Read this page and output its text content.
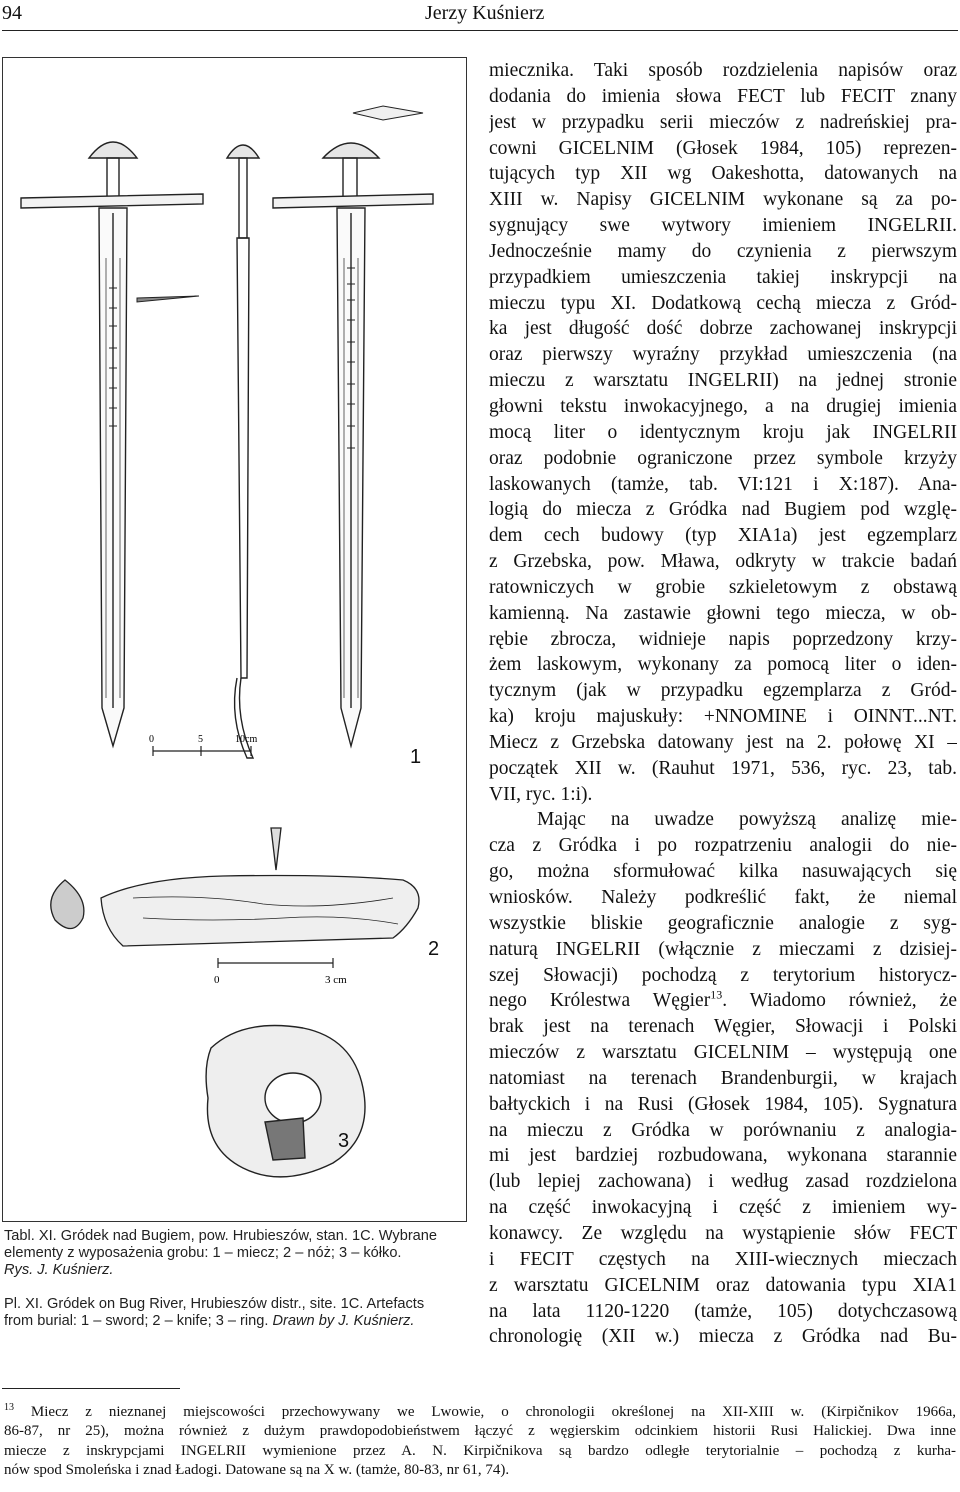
94	Jerzy Kuśnierz
0	5	10cm
0	3 cm
1
2
3
Tabl. XI. Gródek nad Bugiem, pow. Hrubieszów, stan. 1C. Wybrane
elementy z wyposażenia grobu: 1 – miecz; 2 – nóż; 3 – kółko.
Rys. J. Kuśnierz.
Pl. XI. Gródek on Bug River, Hrubieszów distr., site. 1C. Artefacts
from burial: 1 – sword; 2 – knife; 3 – ring. Drawn by J. Kuśnierz.
miecznika. Taki sposób rozdzielenia napisów oraz
dodania do imienia słowa FECT lub FECIT znany
jest w przypadku serii mieczów z nadreńskiej pra-
cowni GICELNIM (Głosek 1984, 105) reprezen-
tujących typ XII wg Oakeshotta, datowanych na
XIII w. Napisy GICELNIM wykonane są za po-
sygnujący swe wytwory imieniem INGELRII.
Jednocześnie mamy do czynienia z pierwszym
przypadkiem umieszczenia takiej inskrypcji na
mieczu typu XI. Dodatkową cechą miecza z Gród-
ka jest długość dość dobrze zachowanej inskrypcji
oraz pierwszy wyraźny przykład umieszczenia (na
mieczu z warsztatu INGELRII) na jednej stronie
głowni tekstu inwokacyjnego, a na drugiej imienia
mocą liter o identycznym kroju jak INGELRII
oraz podobnie ograniczone przez symbole krzyży
laskowanych (tamże, tab. VI:121 i X:187). Ana-
logią do miecza z Gródka nad Bugiem pod wzglę-
dem cech budowy (typ XIA1a) jest egzemplarz
z Grzebska, pow. Mława, odkryty w trakcie badań
ratowniczych w grobie szkieletowym z obstawą
kamienną. Na zastawie głowni tego miecza, w ob-
rębie zbrocza, widnieje napis poprzedzony krzy-
żem laskowym, wykonany za pomocą liter o iden-
tycznym (jak w przypadku egzemplarza z Gród-
ka) kroju majuskuły: +NNOMINE i OINNT...NT.
Miecz z Grzebska datowany jest na 2. połowę XI –
początek XII w. (Rauhut 1971, 536, ryc. 23, tab.
VII, ryc. 1:i).
Mając na uwadze powyższą analizę mie-
cza z Gródka i po rozpatrzeniu analogii do nie-
go, można sformułować kilka nasuwających się
wniosków. Należy podkreślić fakt, że niemal
wszystkie bliskie geograficznie analogie z syg-
naturą INGELRII (włącznie z mieczami z dzisiej-
szej Słowacji) pochodzą z terytorium historycz-
nego Królestwa Węgier$^{13}$. Wiadomo również, że
brak jest na terenach Węgier, Słowacji i Polski
mieczów z warsztatu GICELNIM – występują one
natomiast na terenach Brandenburgii, w krajach
bałtyckich i na Rusi (Głosek 1984, 105). Sygnatura
na mieczu z Gródka w porównaniu z analogia-
mi jest bardziej rozbudowana, wykonana starannie
(lub lepiej zachowana) i według zasad rozdzielona
na część inwokacyjną i część z imieniem wy-
konawcy. Ze względu na wystąpienie słów FECT
i FECIT częstych na XIII-wiecznych mieczach
z warsztatu GICELNIM oraz datowania typu XIA1
na lata 1120-1220 (tamże, 105) dotychczasową
chronologię (XII w.) miecza z Gródka nad Bu-
$^{13}$ Miecz z nieznanej miejscowości przechowywany we Lwowie, o chronologii określonej na XII-XIII w. (Kirpičnikov 1966a,
86-87, nr 25), można również z dużym prawdopodobieństwem łączyć z węgierskim odcinkiem historii Rusi Halickiej. Dwa inne
miecze z inskrypcjami INGELRII wymienione przez A. N. Kirpičnikova są bardzo odległe terytorialnie – pochodzą z kurha-
nów spod Smoleńska i znad Ładogi. Datowane są na X w. (tamże, 80-83, nr 61, 74).
